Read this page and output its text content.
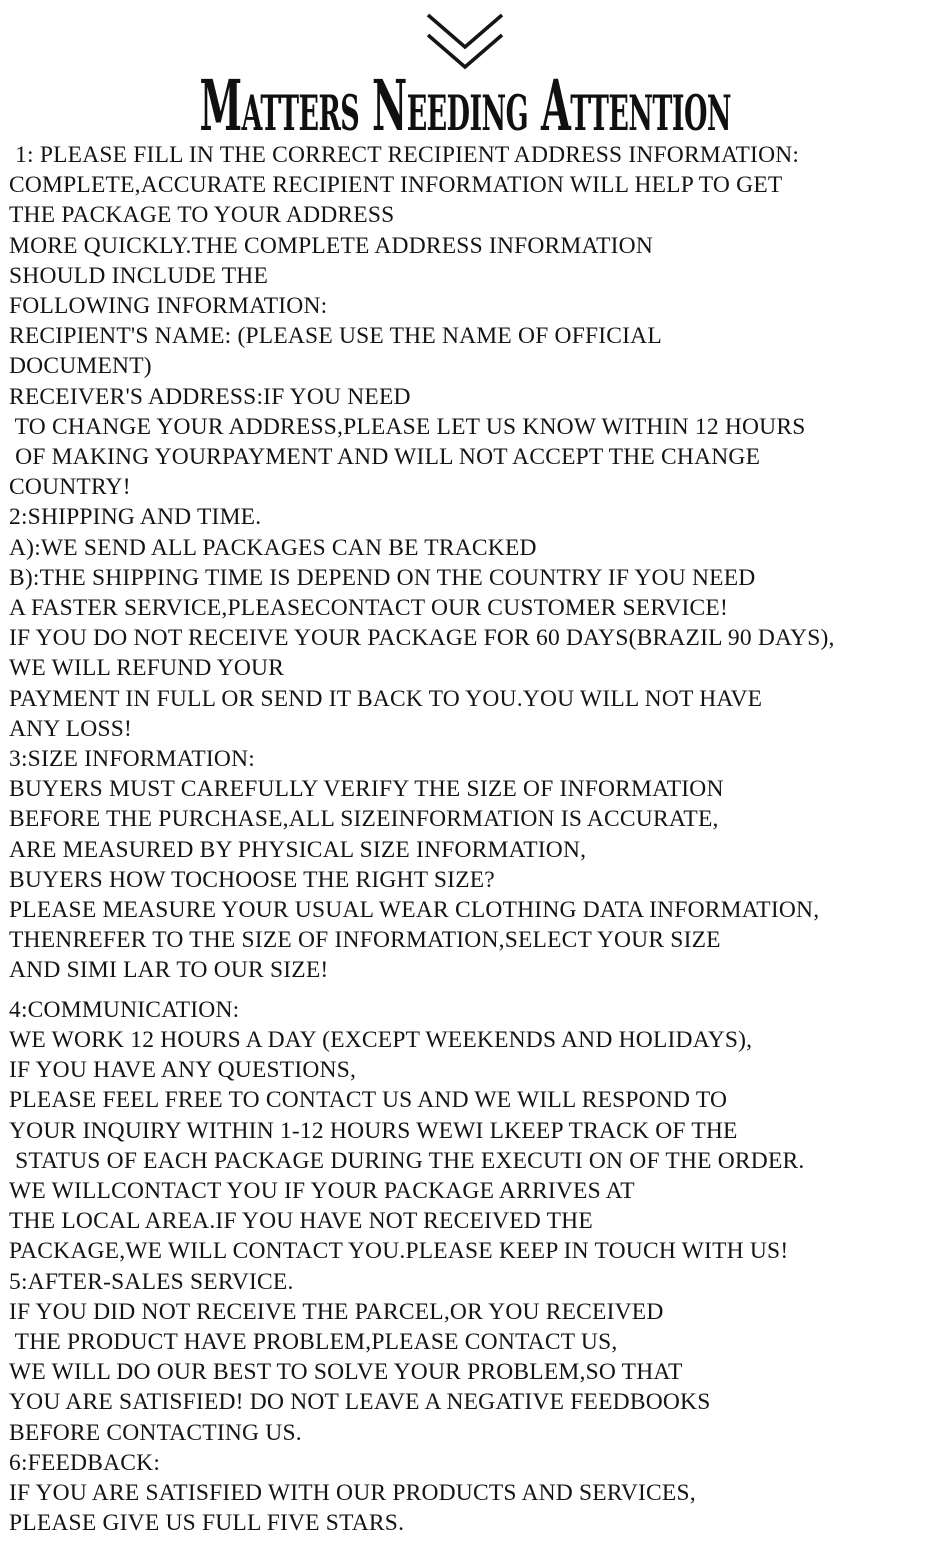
Matters Needing Attention
1: PLEASE FILL IN THE CORRECT RECIPIENT ADDRESS INFORMATION:
COMPLETE,ACCURATE RECIPIENT INFORMATION WILL HELP TO GET
THE PACKAGE TO YOUR ADDRESS
MORE QUICKLY.THE COMPLETE ADDRESS INFORMATION
SHOULD INCLUDE THE
FOLLOWING INFORMATION:
RECIPIENT'S NAME: (PLEASE USE THE NAME OF OFFICIAL
DOCUMENT)
RECEIVER'S ADDRESS:IF YOU NEED
TO CHANGE YOUR ADDRESS,PLEASE LET US KNOW WITHIN 12 HOURS
OF MAKING YOURPAYMENT AND WILL NOT ACCEPT THE CHANGE
COUNTRY!
2:SHIPPING AND TIME.
A):WE SEND ALL PACKAGES CAN BE TRACKED
B):THE SHIPPING TIME IS DEPEND ON THE COUNTRY IF YOU NEED
A FASTER SERVICE,PLEASECONTACT OUR CUSTOMER SERVICE!
IF YOU DO NOT RECEIVE YOUR PACKAGE FOR 60 DAYS(BRAZIL 90 DAYS),
WE WILL REFUND YOUR
PAYMENT IN FULL OR SEND IT BACK TO YOU.YOU WILL NOT HAVE
ANY LOSS!
3:SIZE INFORMATION:
BUYERS MUST CAREFULLY VERIFY THE SIZE OF INFORMATION
BEFORE THE PURCHASE,ALL SIZEINFORMATION IS ACCURATE,
ARE MEASURED BY PHYSICAL SIZE INFORMATION,
BUYERS HOW TOCHOOSE THE RIGHT SIZE?
PLEASE MEASURE YOUR USUAL WEAR CLOTHING DATA INFORMATION,
THENREFER TO THE SIZE OF INFORMATION,SELECT YOUR SIZE
AND SIMI LAR TO OUR SIZE!
4:COMMUNICATION:
WE WORK 12 HOURS A DAY (EXCEPT WEEKENDS AND HOLIDAYS),
IF YOU HAVE ANY QUESTIONS,
PLEASE FEEL FREE TO CONTACT US AND WE WILL RESPOND TO
YOUR INQUIRY WITHIN 1-12 HOURS WEWI LKEEP TRACK OF THE
STATUS OF EACH PACKAGE DURING THE EXECUTI ON OF THE ORDER.
WE WILLCONTACT YOU IF YOUR PACKAGE ARRIVES AT
THE LOCAL AREA.IF YOU HAVE NOT RECEIVED THE
PACKAGE,WE WILL CONTACT YOU.PLEASE KEEP IN TOUCH WITH US!
5:AFTER-SALES SERVICE.
IF YOU DID NOT RECEIVE THE PARCEL,OR YOU RECEIVED
THE PRODUCT HAVE PROBLEM,PLEASE CONTACT US,
WE WILL DO OUR BEST TO SOLVE YOUR PROBLEM,SO THAT
YOU ARE SATISFIED! DO NOT LEAVE A NEGATIVE FEEDBOOKS
BEFORE CONTACTING US.
6:FEEDBACK:
IF YOU ARE SATISFIED WITH OUR PRODUCTS AND SERVICES,
PLEASE GIVE US FULL FIVE STARS.
